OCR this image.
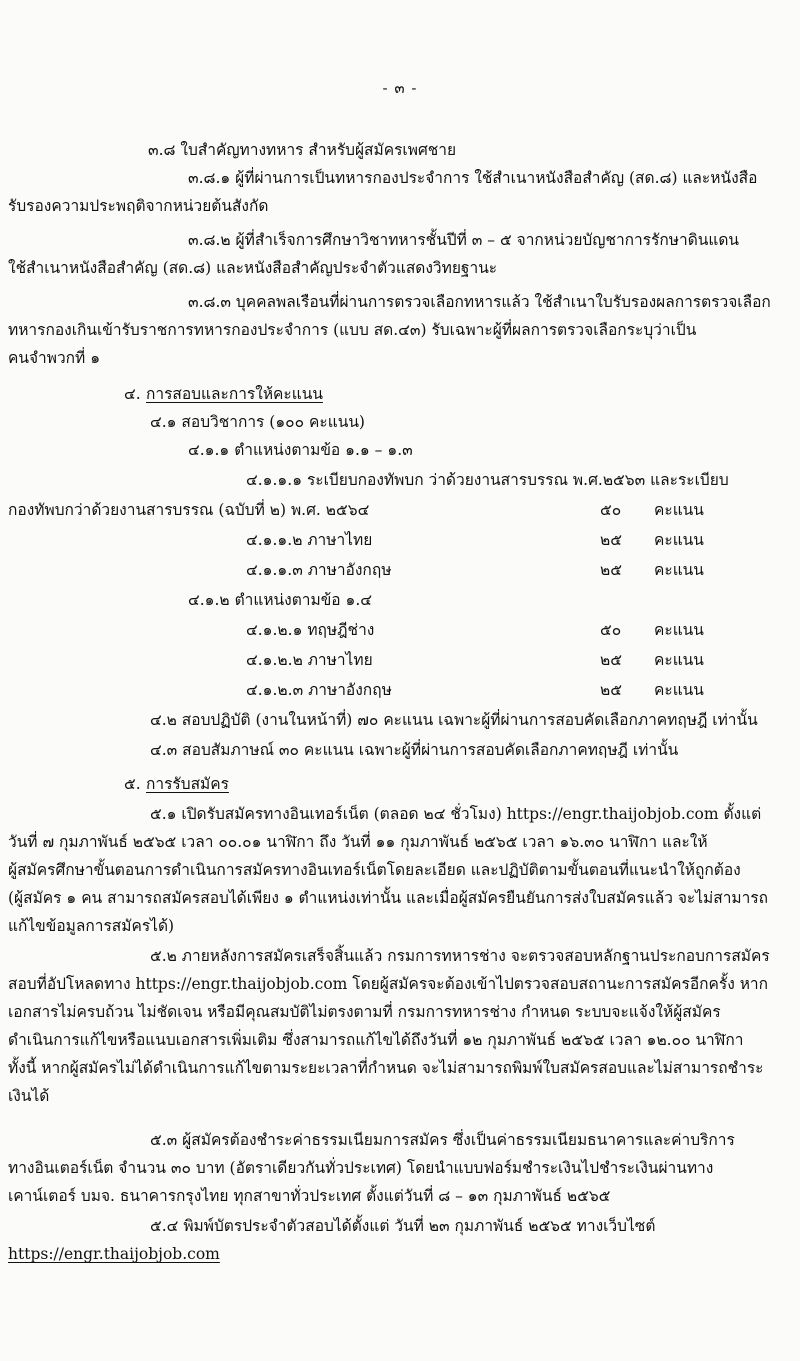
- ๓ -
๓.๘ ใบสำคัญทางทหาร สำหรับผู้สมัครเพศชาย
๓.๘.๑ ผู้ที่ผ่านการเป็นทหารกองประจำการ ใช้สำเนาหนังสือสำคัญ (สด.๘) และหนังสือ
รับรองความประพฤติจากหน่วยต้นสังกัด
๓.๘.๒ ผู้ที่สำเร็จการศึกษาวิชาทหารชั้นปีที่ ๓ – ๕ จากหน่วยบัญชาการรักษาดินแดน
ใช้สำเนาหนังสือสำคัญ (สด.๘) และหนังสือสำคัญประจำตัวแสดงวิทยฐานะ
๓.๘.๓ บุคคลพลเรือนที่ผ่านการตรวจเลือกทหารแล้ว ใช้สำเนาใบรับรองผลการตรวจเลือก
ทหารกองเกินเข้ารับราชการทหารกองประจำการ (แบบ สด.๔๓) รับเฉพาะผู้ที่ผลการตรวจเลือกระบุว่าเป็น
คนจำพวกที่ ๑
๔. การสอบและการให้คะแนน
๔.๑ สอบวิชาการ (๑๐๐ คะแนน)
๔.๑.๑ ตำแหน่งตามข้อ ๑.๑ – ๑.๓
๔.๑.๑.๑ ระเบียบกองทัพบก ว่าด้วยงานสารบรรณ พ.ศ.๒๕๖๓ และระเบียบ
กองทัพบกว่าด้วยงานสารบรรณ (ฉบับที่ ๒) พ.ศ. ๒๕๖๔	๕๐ คะแนน
๔.๑.๑.๒ ภาษาไทย	๒๕ คะแนน
๔.๑.๑.๓ ภาษาอังกฤษ	๒๕ คะแนน
๔.๑.๒ ตำแหน่งตามข้อ ๑.๔
๔.๑.๒.๑ ทฤษฎีช่าง	๕๐ คะแนน
๔.๑.๒.๒ ภาษาไทย	๒๕ คะแนน
๔.๑.๒.๓ ภาษาอังกฤษ	๒๕ คะแนน
๔.๒ สอบปฏิบัติ (งานในหน้าที่) ๗๐ คะแนน เฉพาะผู้ที่ผ่านการสอบคัดเลือกภาคทฤษฎี เท่านั้น
๔.๓ สอบสัมภาษณ์ ๓๐ คะแนน เฉพาะผู้ที่ผ่านการสอบคัดเลือกภาคทฤษฎี เท่านั้น
๕. การรับสมัคร
๕.๑ เปิดรับสมัครทางอินเทอร์เน็ต (ตลอด ๒๔ ชั่วโมง) https://engr.thaijobjob.com ตั้งแต่
วันที่ ๗ กุมภาพันธ์ ๒๕๖๕ เวลา ๐๐.๐๑ นาฬิกา ถึง วันที่ ๑๑ กุมภาพันธ์ ๒๕๖๕ เวลา ๑๖.๓๐ นาฬิกา และให้
ผู้สมัครศึกษาขั้นตอนการดำเนินการสมัครทางอินเทอร์เน็ตโดยละเอียด และปฏิบัติตามขั้นตอนที่แนะนำให้ถูกต้อง
(ผู้สมัคร ๑ คน สามารถสมัครสอบได้เพียง ๑ ตำแหน่งเท่านั้น และเมื่อผู้สมัครยืนยันการส่งใบสมัครแล้ว จะไม่สามารถ
แก้ไขข้อมูลการสมัครได้)
๕.๒ ภายหลังการสมัครเสร็จสิ้นแล้ว กรมการทหารช่าง จะตรวจสอบหลักฐานประกอบการสมัคร
สอบที่อัปโหลดทาง https://engr.thaijobjob.com โดยผู้สมัครจะต้องเข้าไปตรวจสอบสถานะการสมัครอีกครั้ง หาก
เอกสารไม่ครบถ้วน ไม่ชัดเจน หรือมีคุณสมบัติไม่ตรงตามที่ กรมการทหารช่าง กำหนด ระบบจะแจ้งให้ผู้สมัคร
ดำเนินการแก้ไขหรือแนบเอกสารเพิ่มเติม ซึ่งสามารถแก้ไขได้ถึงวันที่ ๑๒ กุมภาพันธ์ ๒๕๖๕ เวลา ๑๒.๐๐ นาฬิกา
ทั้งนี้ หากผู้สมัครไม่ได้ดำเนินการแก้ไขตามระยะเวลาที่กำหนด จะไม่สามารถพิมพ์ใบสมัครสอบและไม่สามารถชำระ
เงินได้
๕.๓ ผู้สมัครต้องชำระค่าธรรมเนียมการสมัคร ซึ่งเป็นค่าธรรมเนียมธนาคารและค่าบริการ
ทางอินเตอร์เน็ต จำนวน ๓๐ บาท (อัตราเดียวกันทั่วประเทศ) โดยนำแบบฟอร์มชำระเงินไปชำระเงินผ่านทาง
เคาน์เตอร์ บมจ. ธนาคารกรุงไทย ทุกสาขาทั่วประเทศ ตั้งแต่วันที่ ๘ – ๑๓ กุมภาพันธ์ ๒๕๖๕
๕.๔ พิมพ์บัตรประจำตัวสอบได้ตั้งแต่ วันที่ ๒๓ กุมภาพันธ์ ๒๕๖๕ ทางเว็บไซต์
https://engr.thaijobjob.com
